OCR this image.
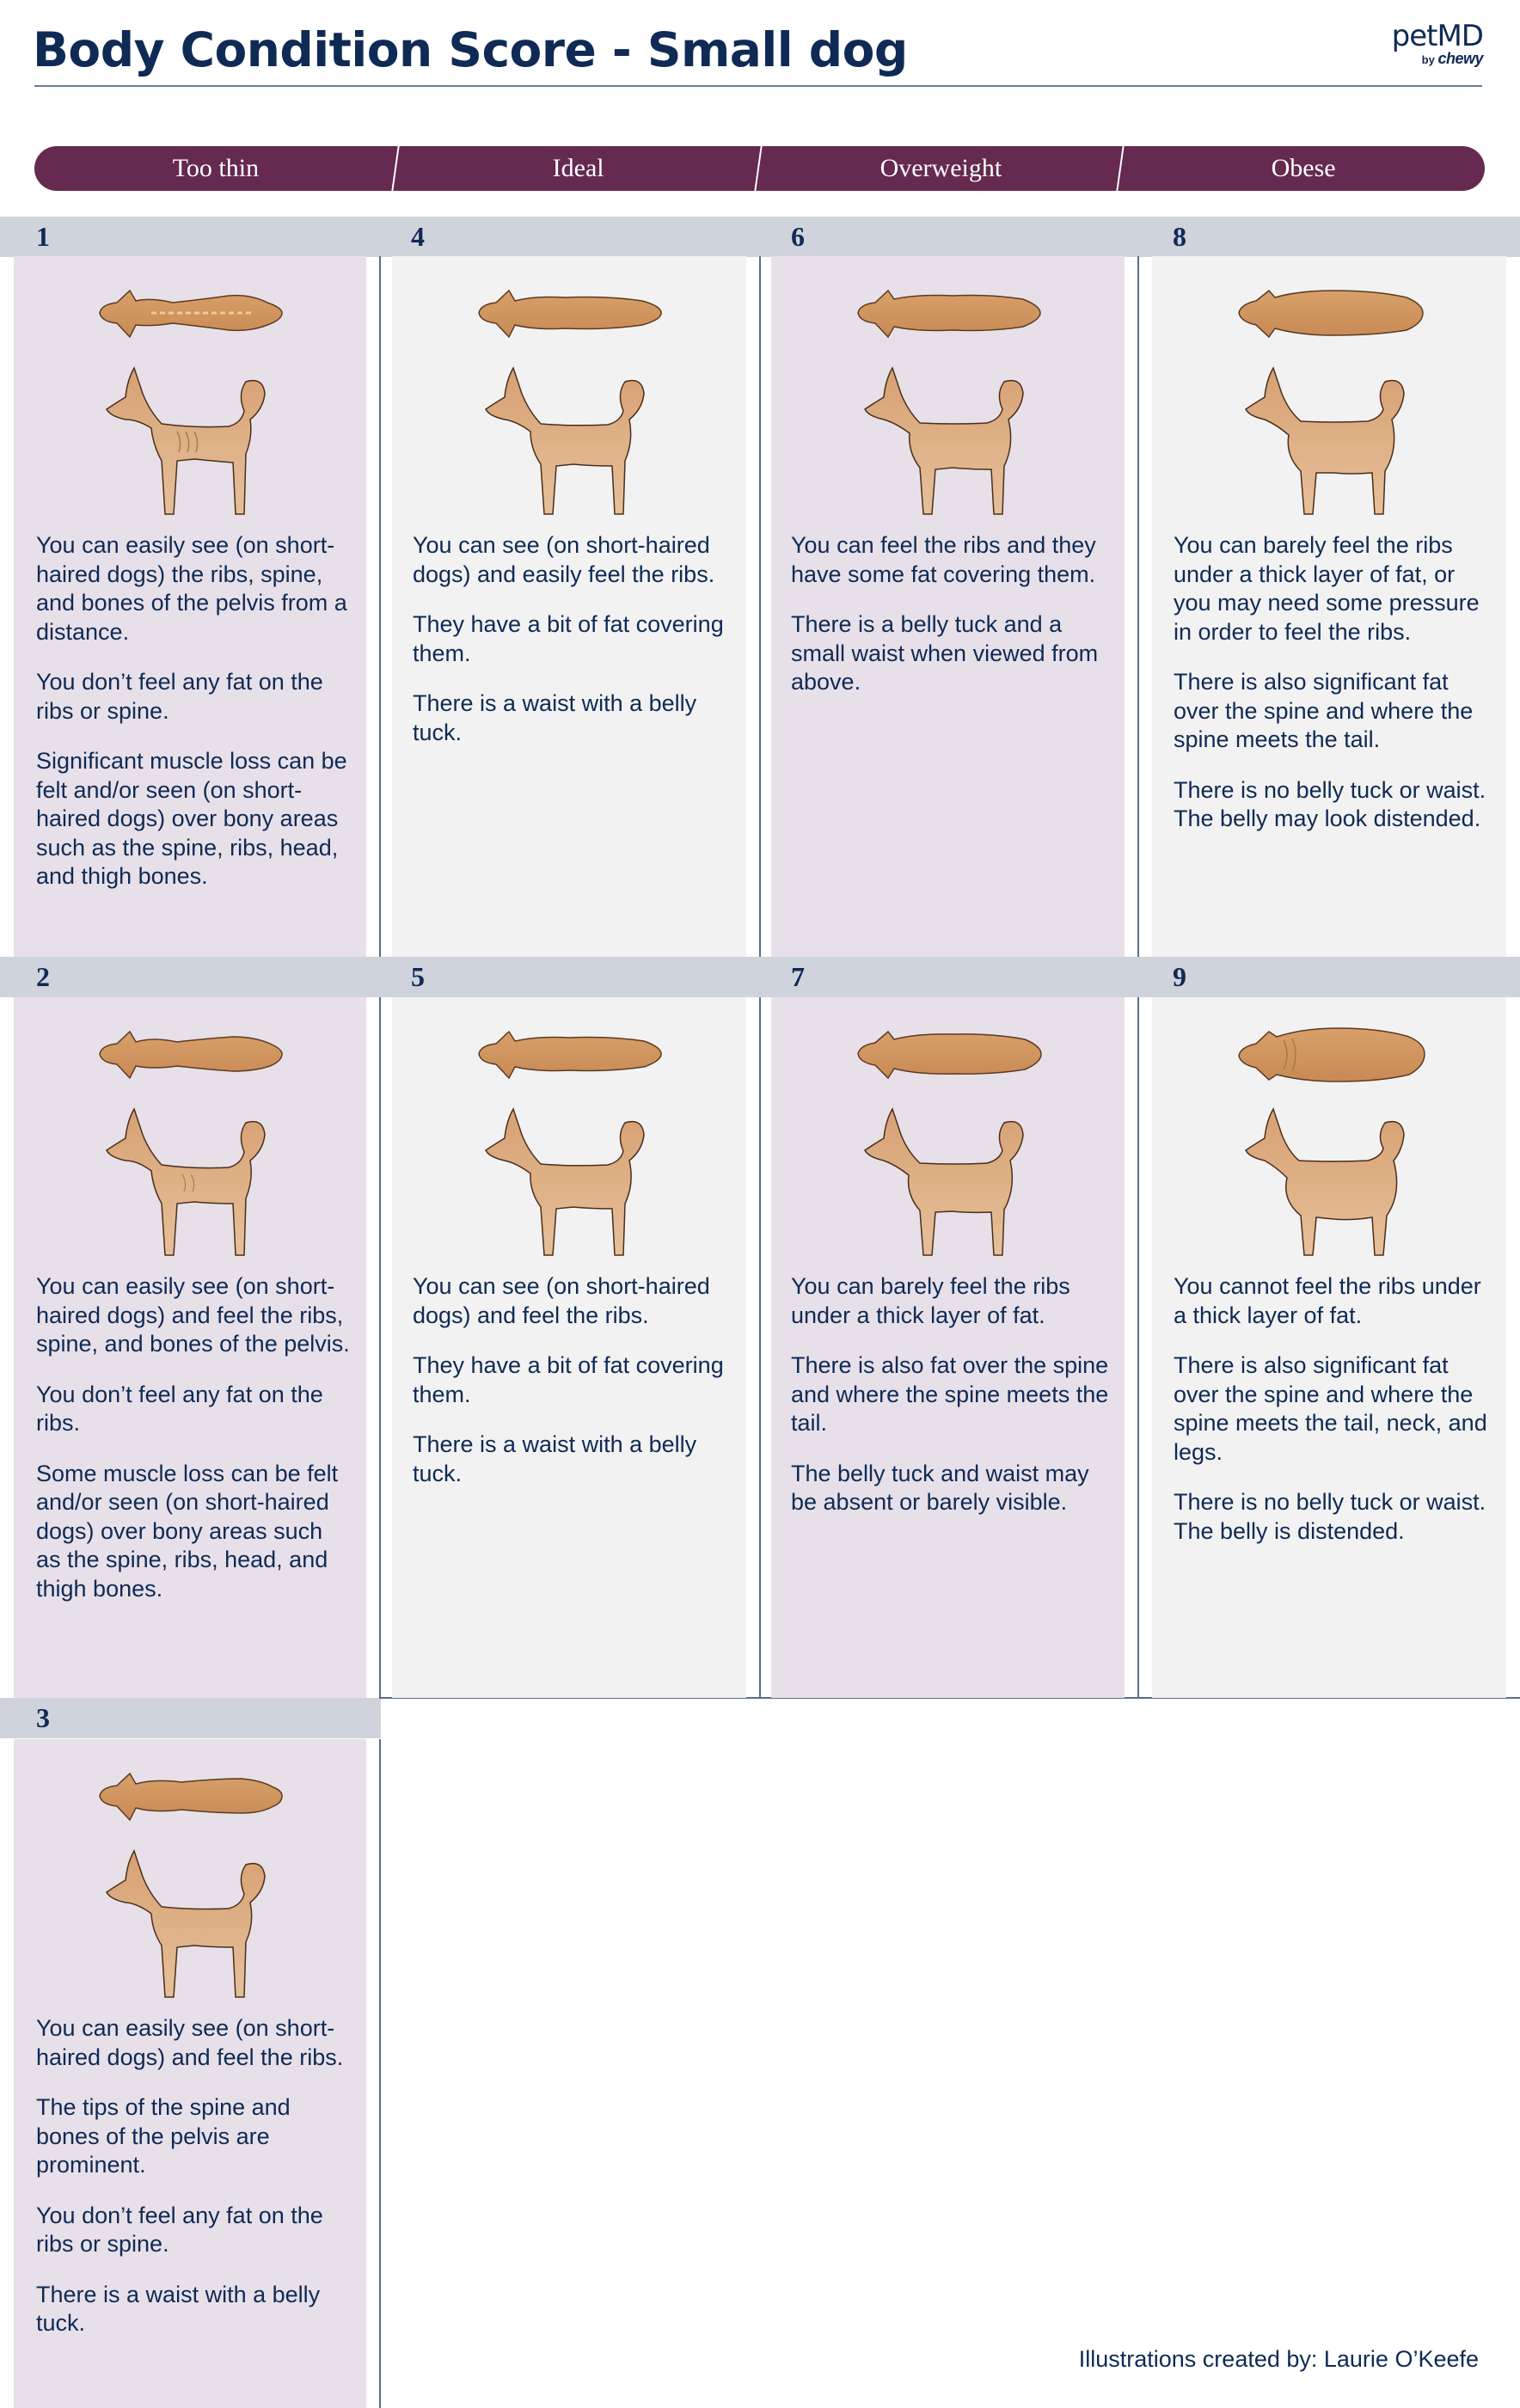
Body Condition Score - Small dog	petMD
by chewy
Too thin	Ideal	Overweight	Obese
1	4	6	8
2	5	7	9
3

You can easily see (on short-haired dogs) the ribs, spine, and bones of the pelvis from a distance.

You don’t feel any fat on the ribs or spine.

Significant muscle loss can be felt and/or seen (on short-haired dogs) over bony areas such as the spine, ribs, head, and thigh bones.

You can see (on short-haired dogs) and easily feel the ribs.

They have a bit of fat covering them.

There is a waist with a belly tuck.

You can feel the ribs and they have some fat covering them.

There is a belly tuck and a small waist when viewed from above.

You can barely feel the ribs under a thick layer of fat, or you may need some pressure in order to feel the ribs.

There is also significant fat over the spine and where the spine meets the tail.

There is no belly tuck or waist. The belly may look distended.

You can easily see (on short-haired dogs) and feel the ribs, spine, and bones of the pelvis.

You don’t feel any fat on the ribs.

Some muscle loss can be felt and/or seen (on short-haired dogs) over bony areas such as the spine, ribs, head, and thigh bones.

You can see (on short-haired dogs) and feel the ribs.

They have a bit of fat covering them.

There is a waist with a belly tuck.

You can barely feel the ribs under a thick layer of fat.

There is also fat over the spine and where the spine meets the tail.

The belly tuck and waist may be absent or barely visible.

You cannot feel the ribs under a thick layer of fat.

There is also significant fat over the spine and where the spine meets the tail, neck, and legs.

There is no belly tuck or waist. The belly is distended.

You can easily see (on short-haired dogs) and feel the ribs.

The tips of the spine and bones of the pelvis are prominent.

You don’t feel any fat on the ribs or spine.

There is a waist with a belly tuck.

Illustrations created by: Laurie O’Keefe
